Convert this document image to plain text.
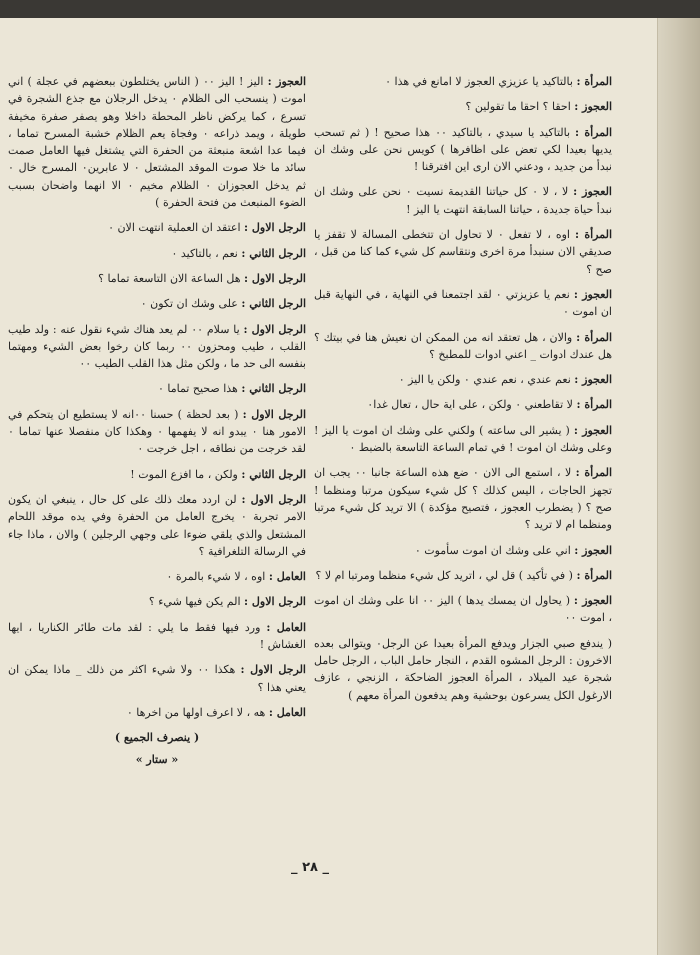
المرأة : بالتاكيد يا عزيزي العجوز لا امانع في هذا ٠
العجوز : احقا ؟ احقا ما تقولين ؟
المرأة : بالتاكيد يا سيدي ، بالتاكيد ٠٠ هذا صحيح ! ( ثم تسحب يديها بعيدا لكي تعض على اظافرها ) كويس نحن على وشك ان نبدأ من جديد ، ودعني الان ارى اين افترقنا !
العجوز : لا ، لا ٠ كل حياتنا القديمة نسيت ٠ نحن على وشك ان نبدأ حياة جديدة ، حياتنا السابقة انتهت يا اليز !
المرأة : اوه ، لا تفعل ٠ لا تحاول ان تتخطى المسالة لا تقفز يا صديقي الان سنبدأ مرة اخرى ونتقاسم كل شيء كما كنا من قبل ، صح ؟
العجوز : نعم يا عزيزتي ٠ لقد اجتمعنا في النهاية ، في النهاية قبل ان اموت ٠
المرأة : والان ، هل تعتقد انه من الممكن ان نعيش هنا في بيتك ؟ هل عندك ادوات _ اعني ادوات للمطبخ ؟
العجوز : نعم عندي ، نعم عندي ٠ ولكن يا اليز ٠
المرأة : لا تقاطعني ٠ ولكن ، على اية حال ، تعال غدا٠
العجوز : ( يشير الى ساعته ) ولكني على وشك ان اموت يا اليز ! وعلى وشك ان اموت ! في تمام الساعة التاسعة بالضبط ٠
المرأة : لا ، استمع الى الان ٠ ضع هذه الساعة جانبا ٠٠ يجب ان تجهز الحاجات ، اليس كذلك ؟ كل شيء سيكون مرتبا ومنظما ! صح ؟ ( يضطرب العجوز ، فتصيح مؤكدة ) الا تريد كل شيء مرتبا ومنظما ام لا تريد ؟
العجوز : اني على وشك ان اموت سأموت ٠
المرأة : ( في تأكيد ) قل لي ، اتريد كل شيء منظما ومرتبا ام لا ؟
العجوز : ( يحاول ان يمسك يدها ) اليز ٠٠ انا على وشك ان اموت ، اموت ٠٠
( يندفع صبي الجزار ويدفع المرأة بعيدا عن الرجل٠ ويتوالى بعده الاخرون : الرجل المشوه القدم ، النجار حامل الباب ، الرجل حامل شجرة عيد الميلاد ، المرأة العجوز الضاحكة ، الزنجي ، عازف الارغول الكل يسرعون بوحشية وهم يدفعون المرأة معهم )
العجوز : اليز ! اليز ٠٠ ( الناس يختلطون ببعضهم في عجلة ) اني اموت ( ينسحب الى الظلام ٠ يدخل الرجلان مع جذع الشجرة في تسرع ، كما يركض ناظر المحطة داخلا وهو يصفر صفرة مخيفة طويلة ، ويمد ذراعه ٠ وفجاة يعم الظلام خشبة المسرح تماما ، فيما عدا اشعة منبعثة من الحفرة التي يشتغل فيها العامل صمت سائد ما خلا صوت الموقد المشتعل ٠ لا عابرين٠ المسرح خال ٠ ثم يدخل العجوزان ٠ الظلام مخيم ٠ الا انهما واضحان بسبب الضوء المنبعث من فتحة الحفرة )
الرجل الاول : اعتقد ان العملية انتهت الان ٠
الرجل الثاني : نعم ، بالتاكيد ٠
الرجل الاول : هل الساعة الان التاسعة تماما ؟
الرجل الثاني : على وشك ان تكون ٠
الرجل الاول : يا سلام ٠٠ لم يعد هناك شيء نقول عنه : ولد طيب القلب ، طيب ومحزون ٠٠ ربما كان رخوا بعض الشيء ومهتما بنفسه الى حد ما ، ولكن مثل هذا القلب الطيب ٠٠
الرجل الثاني : هذا صحيح تماما ٠
الرجل الاول : ( بعد لحظة ) حسنا ٠٠انه لا يستطيع ان يتحكم في الامور هنا ٠ يبدو انه لا يفهمها ٠ وهكذا كان منفصلا عنها تماما ٠ لقد خرجت من نطاقه ، اجل خرجت ٠
الرجل الثاني : ولكن ، ما افزع الموت !
الرجل الاول : لن اردد معك ذلك على كل حال ، ينبغي ان يكون الامر تجربة ٠ يخرج العامل من الحفرة وفي يده موقد اللحام المشتعل والذي يلقي ضوءا على وجهي الرجلين ) والان ، ماذا جاء في الرسالة التلغرافية ؟
العامل : اوه ، لا شيء بالمرة ٠
الرجل الاول : الم يكن فيها شيء ؟
العامل : ورد فيها فقط ما يلي : لقد مات طائر الكناريا ، ايها الغشاش !
الرجل الاول : هكذا ٠٠ ولا شيء اكثر من ذلك _ ماذا يمكن ان يعني هذا ؟
العامل : هه ، لا اعرف اولها من اخرها ٠
( ينصرف الجميع )
« ستار »
_ ٢٨ _
